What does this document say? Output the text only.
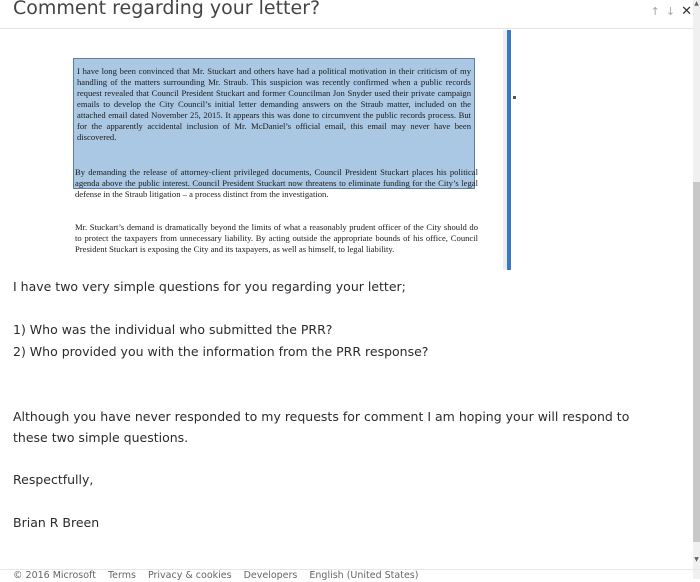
Comment regarding your letter?	↑ ↓ ✕

I have long been convinced that Mr. Stuckart and others have had a political motivation in their criticism of my handling of the matters surrounding Mr. Straub. This suspicion was recently confirmed when a public records request revealed that Council President Stuckart and former Councilman Jon Snyder used their private campaign emails to develop the City Council’s initial letter demanding answers on the Straub matter, included on the attached email dated November 25, 2015. It appears this was done to circumvent the public records process. But for the apparently accidental inclusion of Mr. McDaniel’s official email, this email may never have been discovered.

By demanding the release of attorney-client privileged documents, Council President Stuckart places his political agenda above the public interest. Council President Stuckart now threatens to eliminate funding for the City’s legal defense in the Straub litigation – a process distinct from the investigation.

Mr. Stuckart’s demand is dramatically beyond the limits of what a reasonably prudent officer of the City should do to protect the taxpayers from unnecessary liability. By acting outside the appropriate bounds of his office, Council President Stuckart is exposing the City and its taxpayers, as well as himself, to legal liability.

I have two very simple questions for you regarding your letter;
1) Who was the individual who submitted the PRR?
2) Who provided you with the information from the PRR response?
Although you have never responded to my requests for comment I am hoping your will respond to these two simple questions.
Respectfully,
Brian R Breen
▲
▼
© 2016 Microsoft Terms Privacy & cookies Developers English (United States)
